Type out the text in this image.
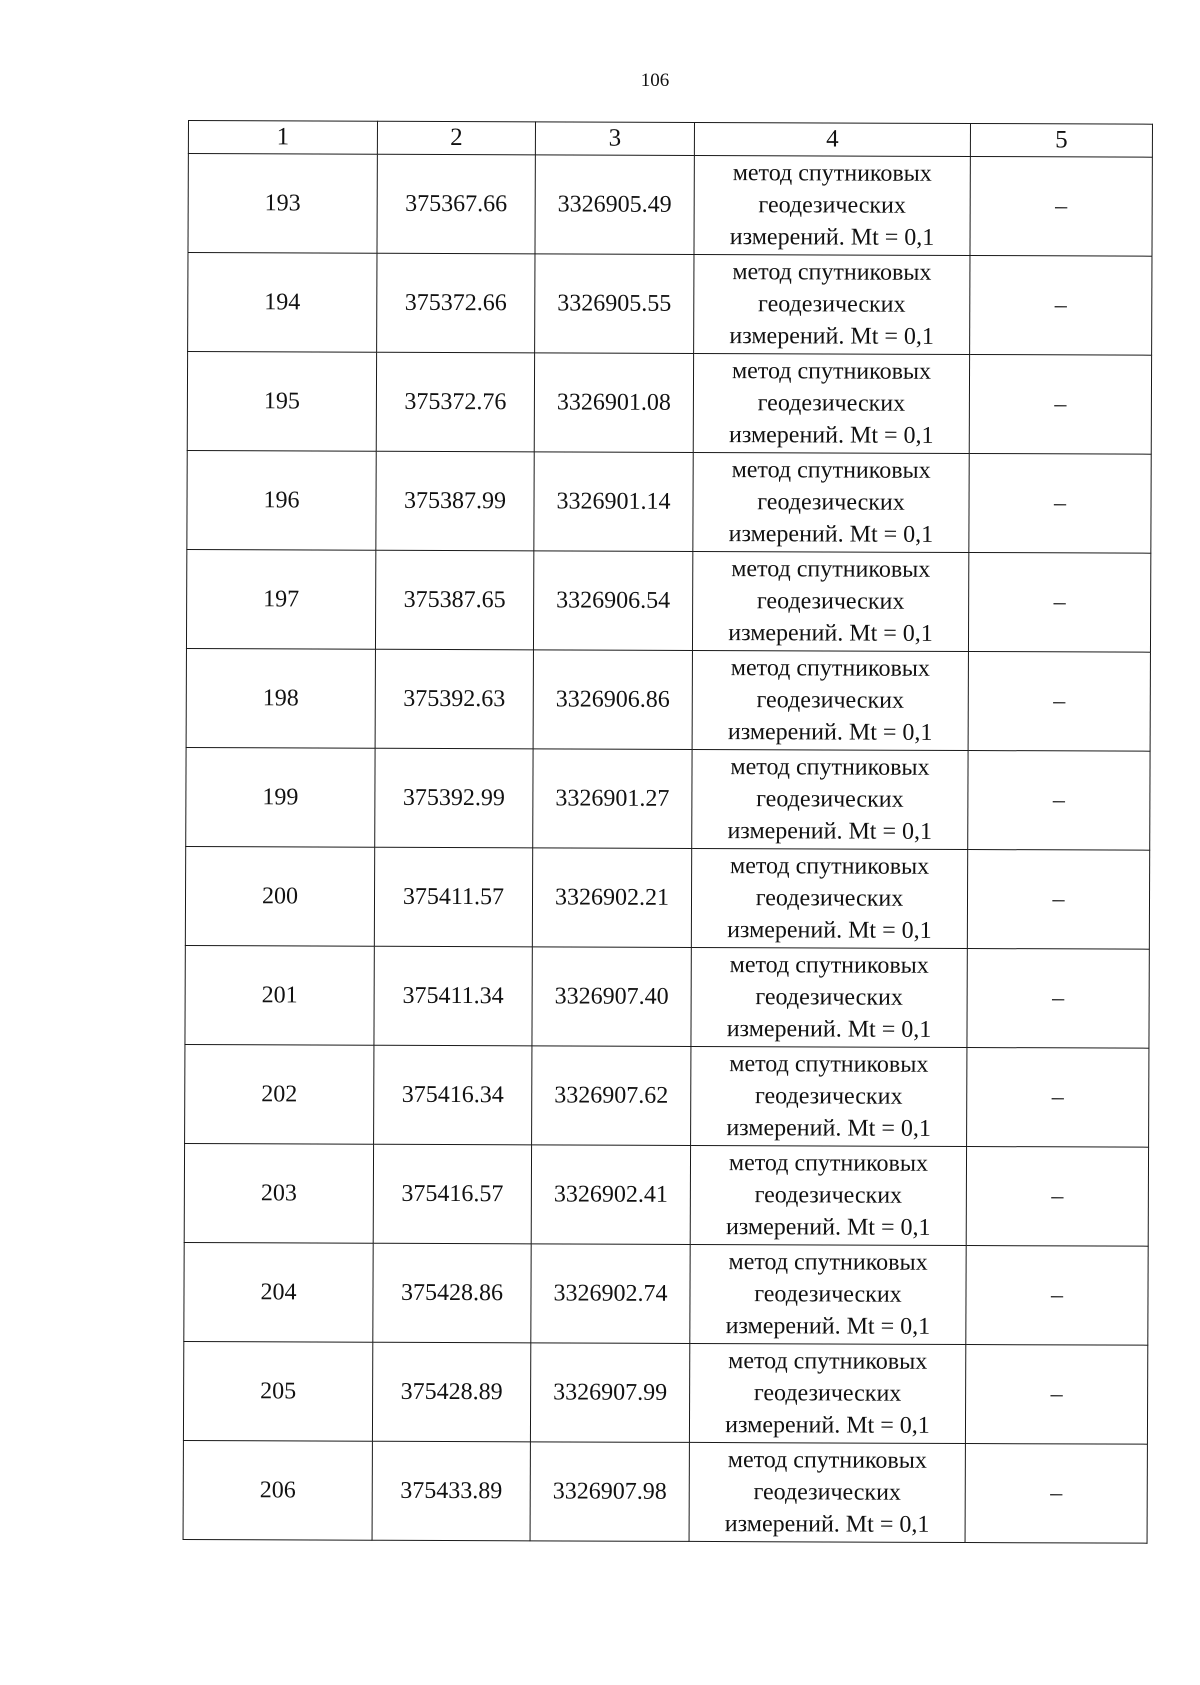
106
1	2	3	4	5
193	375367.66	3326905.49	метод спутниковых
геодезических
измерений. Mt = 0,1	–
194	375372.66	3326905.55	метод спутниковых
геодезических
измерений. Mt = 0,1	–
195	375372.76	3326901.08	метод спутниковых
геодезических
измерений. Mt = 0,1	–
196	375387.99	3326901.14	метод спутниковых
геодезических
измерений. Mt = 0,1	–
197	375387.65	3326906.54	метод спутниковых
геодезических
измерений. Mt = 0,1	–
198	375392.63	3326906.86	метод спутниковых
геодезических
измерений. Mt = 0,1	–
199	375392.99	3326901.27	метод спутниковых
геодезических
измерений. Mt = 0,1	–
200	375411.57	3326902.21	метод спутниковых
геодезических
измерений. Mt = 0,1	–
201	375411.34	3326907.40	метод спутниковых
геодезических
измерений. Mt = 0,1	–
202	375416.34	3326907.62	метод спутниковых
геодезических
измерений. Mt = 0,1	–
203	375416.57	3326902.41	метод спутниковых
геодезических
измерений. Mt = 0,1	–
204	375428.86	3326902.74	метод спутниковых
геодезических
измерений. Mt = 0,1	–
205	375428.89	3326907.99	метод спутниковых
геодезических
измерений. Mt = 0,1	–
206	375433.89	3326907.98	метод спутниковых
геодезических
измерений. Mt = 0,1	–
